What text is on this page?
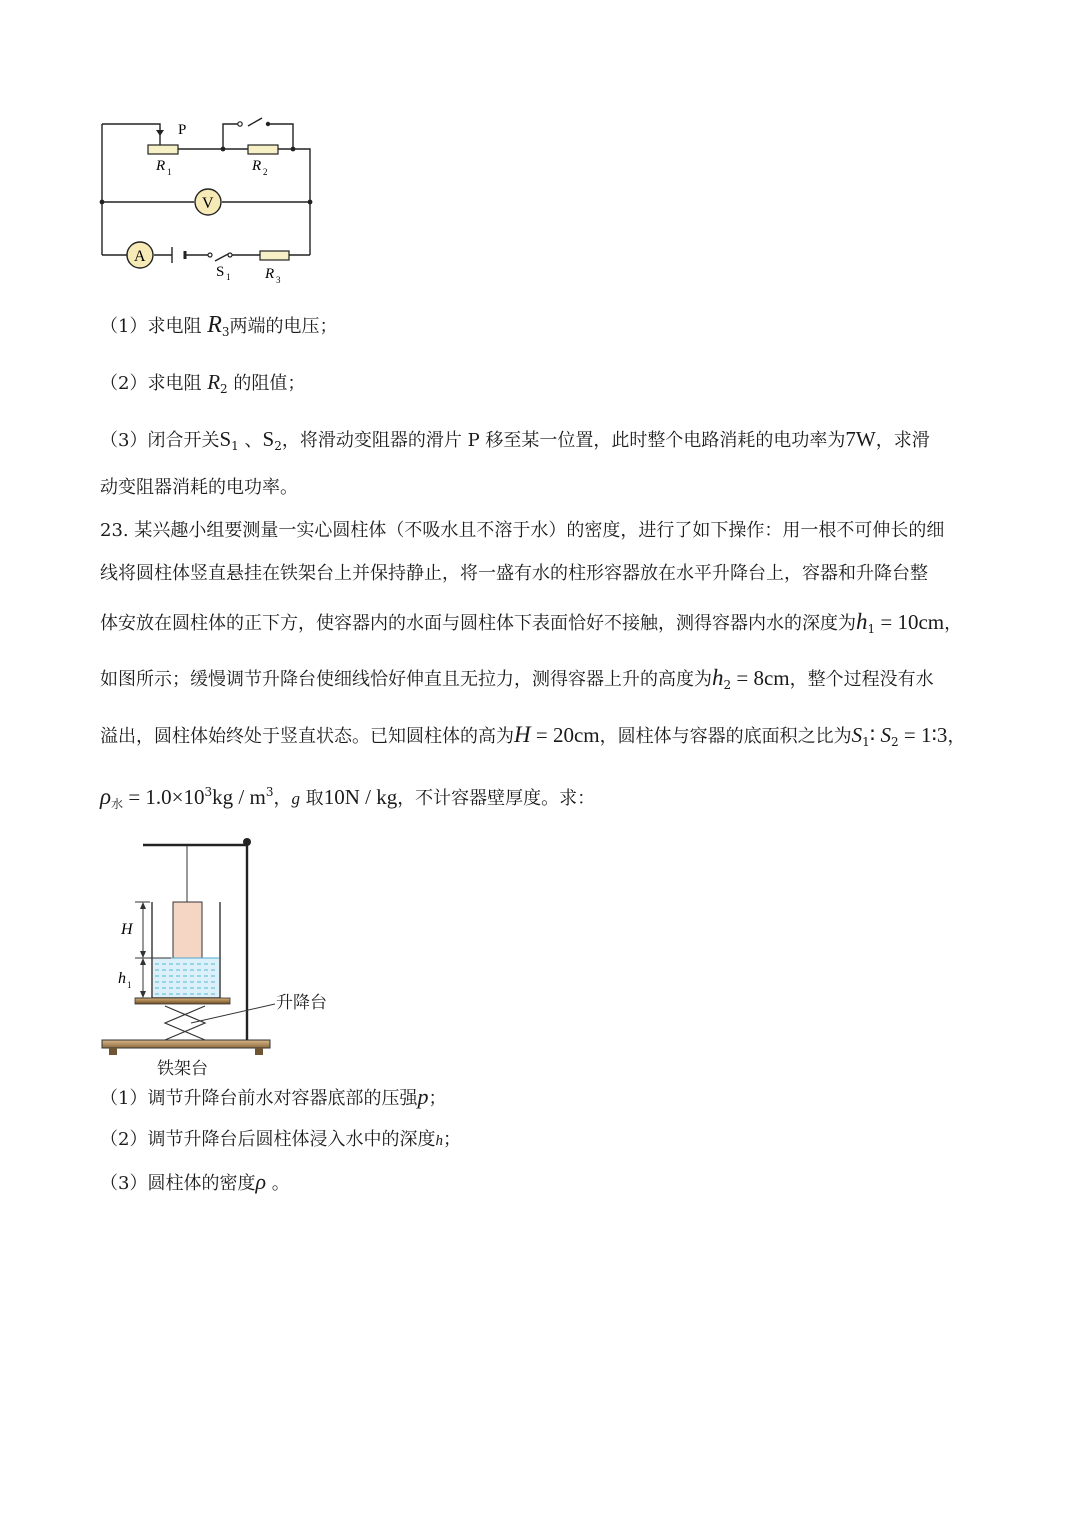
P
V
A
R 1	R 2
S 1 R 3
（1）求电阻 $R_3$两端的电压；
（2）求电阻 $R_2$ 的阻值；
（3）闭合开关$S_1$ 、$S_2$，将滑动变阻器的滑片 P 移至某一位置，此时整个电路消耗的电功率为7W，求滑
动变阻器消耗的电功率。
23. 某兴趣小组要测量一实心圆柱体（不吸水且不溶于水）的密度，进行了如下操作：用一根不可伸长的细
线将圆柱体竖直悬挂在铁架台上并保持静止，将一盛有水的柱形容器放在水平升降台上，容器和升降台整
体安放在圆柱体的正下方，使容器内的水面与圆柱体下表面恰好不接触，测得容器内水的深度为$h_1 = 10cm$，
如图所示；缓慢调节升降台使细线恰好伸直且无拉力，测得容器上升的高度为$h_2 = 8cm$，整个过程没有水
溢出，圆柱体始终处于竖直状态。已知圆柱体的高为H = 20cm，圆柱体与容器的底面积之比为$S_1∶$ $S_2$ = 1∶3，
$\rho_水 = 1.0\times 10^3kg / m^3$，g 取10N / kg，不计容器壁厚度。求：
H
h 1
升降台
铁架台
（1）调节升降台前水对容器底部的压强p；
（2）调节升降台后圆柱体浸入水中的深度h；
（3）圆柱体的密度ρ 。
